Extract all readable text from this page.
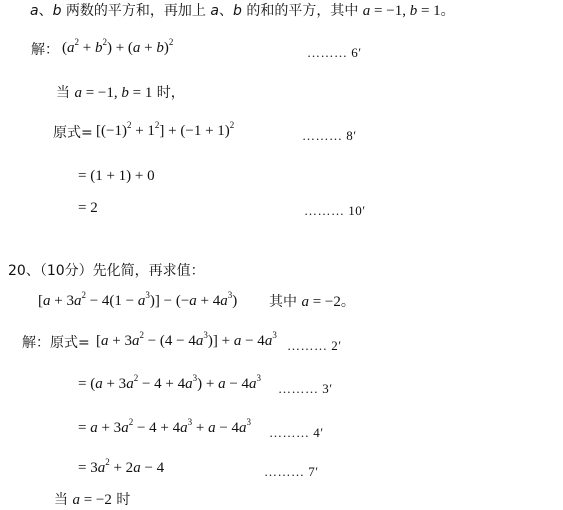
a、b 两数的平方和，再加上 a、b 的和的平方，其中 a = −1, b = 1。
解： $(a^2 + b^2) + (a + b)^2$
……… 6′
当 a = −1, b = 1 时，
原式= $[(-1)^2 + 1^2] + (-1 + 1)^2$
……… 8′
= (1 + 1) + 0
= 2	……… 10′
20、（10分）先化简，再求值：
$[a + 3a^2 - 4(1 - a^3)] - (-a + 4a^3)$ 其中 a = −2。
解：原式= $[a + 3a^2 - (4 - 4a^3)] + a - 4a^3$
……… 2′
= $(a + 3a^2 - 4 + 4a^3) + a - 4a^3$
……… 3′
= $a + 3a^2 - 4 + 4a^3 + a - 4a^3$
……… 4′
= $3a^2 + 2a - 4$	……… 7′
当 a = −2 时
